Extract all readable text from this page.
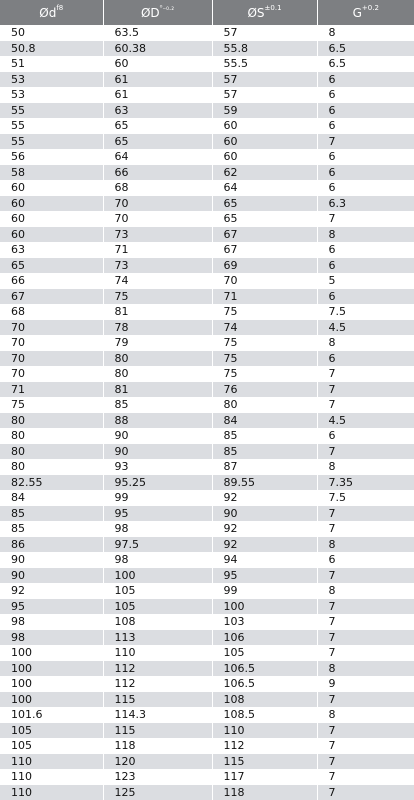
$Ød^{f8}$	$ØD^{^0_{-0}._2}$	$ØS^{\pm 0.1}$	$G^{+0.2}$
50	63.5	57	8
50.8	60.38	55.8	6.5
51	60	55.5	6.5
53	61	57	6
53	61	57	6
55	63	59	6
55	65	60	6
55	65	60	7
56	64	60	6
58	66	62	6
60	68	64	6
60	70	65	6.3
60	70	65	7
60	73	67	8
63	71	67	6
65	73	69	6
66	74	70	5
67	75	71	6
68	81	75	7.5
70	78	74	4.5
70	79	75	8
70	80	75	6
70	80	75	7
71	81	76	7
75	85	80	7
80	88	84	4.5
80	90	85	6
80	90	85	7
80	93	87	8
82.55	95.25	89.55	7.35
84	99	92	7.5
85	95	90	7
85	98	92	7
86	97.5	92	8
90	98	94	6
90	100	95	7
92	105	99	8
95	105	100	7
98	108	103	7
98	113	106	7
100	110	105	7
100	112	106.5	8
100	112	106.5	9
100	115	108	7
101.6	114.3	108.5	8
105	115	110	7
105	118	112	7
110	120	115	7
110	123	117	7
110	125	118	7
